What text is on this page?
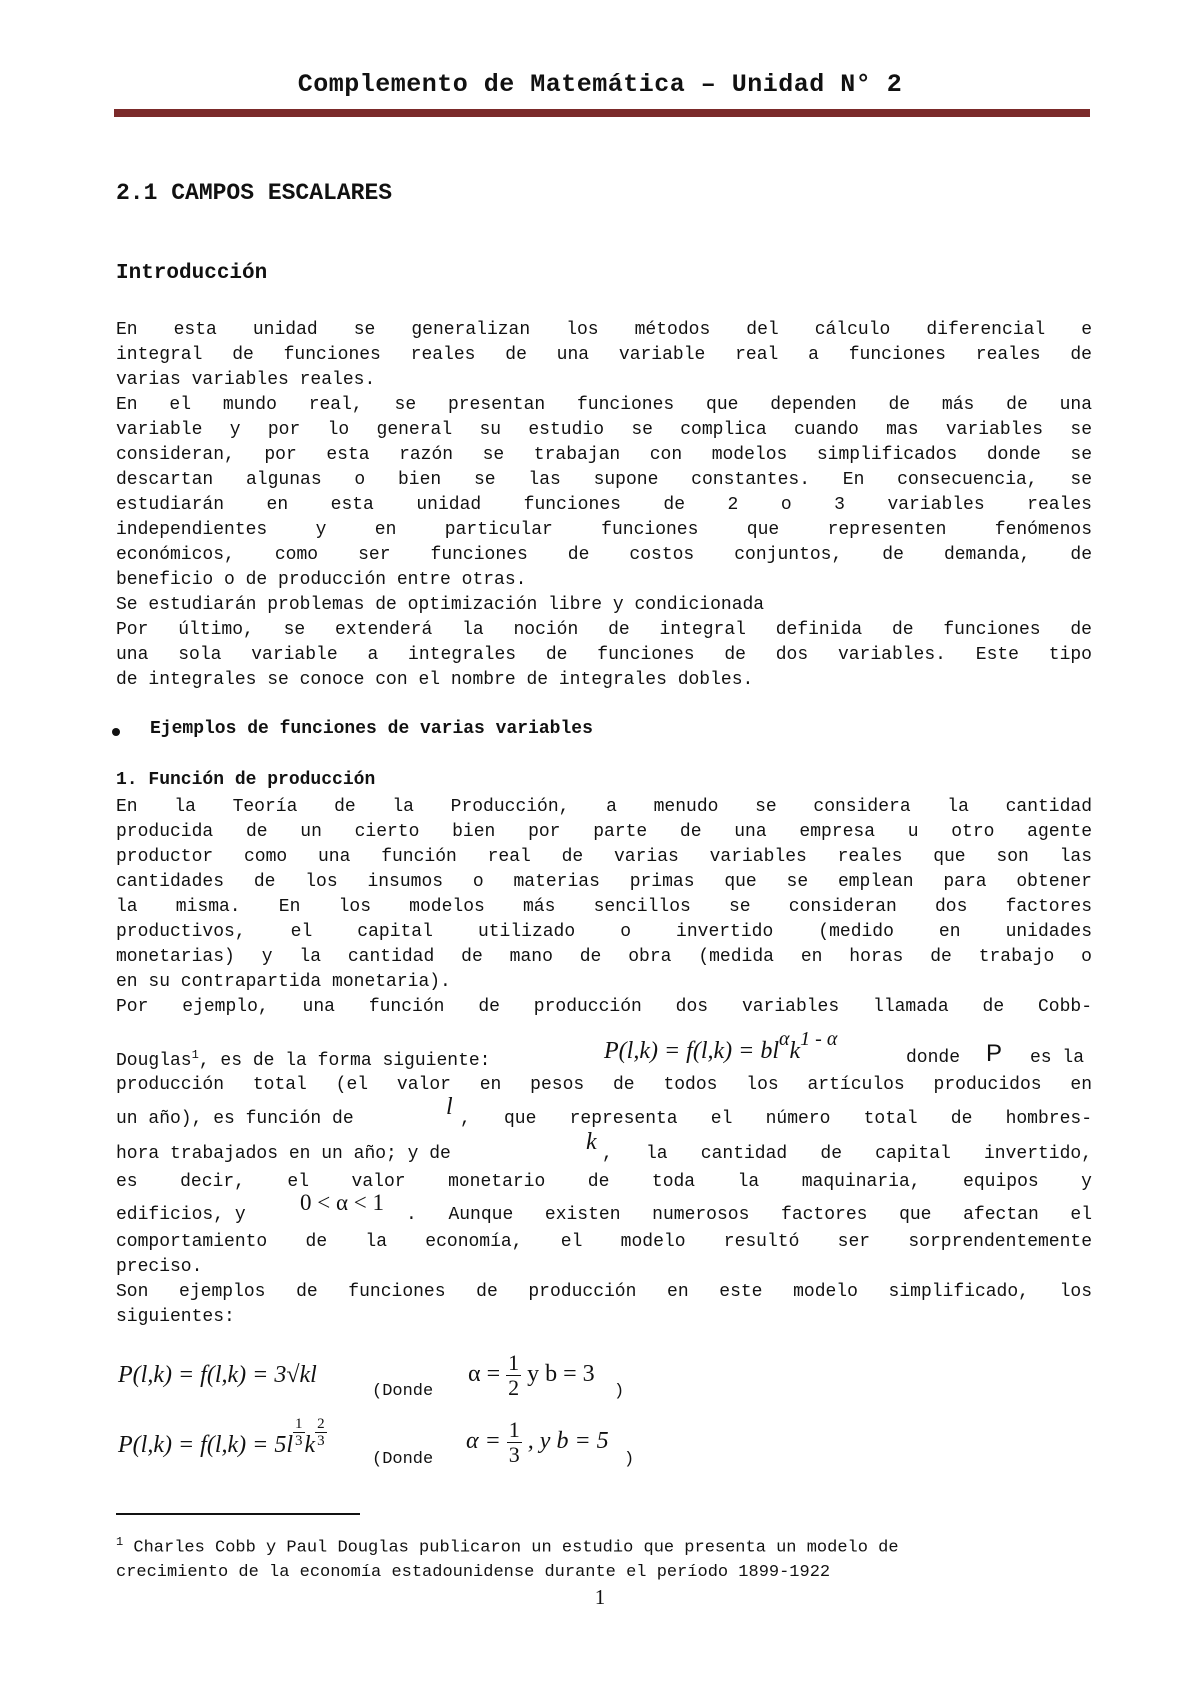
Complemento de Matemática – Unidad N° 2
2.1 CAMPOS ESCALARES
Introducción
En esta unidad se generalizan los métodos del cálculo diferencial e
integral de funciones reales de una variable real a funciones reales de
varias variables reales.
En el mundo real, se presentan funciones que dependen de más de una
variable y por lo general su estudio se complica cuando mas variables se
consideran, por esta razón se trabajan con modelos simplificados donde se
descartan algunas o bien se las supone constantes. En consecuencia, se
estudiarán en esta unidad funciones de 2 o 3 variables reales
independientes y en particular funciones que representen fenómenos
económicos, como ser funciones de costos conjuntos, de demanda, de
beneficio o de producción entre otras.
Se estudiarán problemas de optimización libre y condicionada
Por último, se extenderá la noción de integral definida de funciones de
una sola variable a integrales de funciones de dos variables. Este tipo
de integrales se conoce con el nombre de integrales dobles.
Ejemplos de funciones de varias variables
1. Función de producción
En la Teoría de la Producción, a menudo se considera la cantidad
producida de un cierto bien por parte de una empresa u otro agente
productor como una función real de varias variables reales que son las
cantidades de los insumos o materias primas que se emplean para obtener
la misma. En los modelos más sencillos se consideran dos factores
productivos, el capital utilizado o invertido (medido en unidades
monetarias) y la cantidad de mano de obra (medida en horas de trabajo o
en su contrapartida monetaria).
Por ejemplo, una función de producción dos variables llamada de Cobb-
Douglas$^1$, es de la forma siguiente:	$P(l,k) = f(l,k) = bl^\alpha k^{1 - \alpha}$
donde P es la
producción total (el valor en pesos de todos los artículos producidos en
un año), es función de	l , que representa el número total de hombres-
hora trabajados en un año; y de	k , la cantidad de capital invertido,
es decir, el valor monetario de toda la maquinaria, equipos y
edificios, y 0 < α < 1 . Aunque existen numerosos factores que afectan el
comportamiento de la economía, el modelo resultó ser sorprendentemente
preciso.
Son ejemplos de funciones de producción en este modelo simplificado, los
siguientes:
P(l,k) = f(l,k) = 3√kl
(Donde
$\alpha = \frac{1}{2}$ y b = 3
)
$P(l,k) = f(l,k) = 5l \frac{1}{3}$ k $\frac{2}{3}$
(Donde
$\alpha = \frac{1}{3}$ , y b = 5
)
$^1$ Charles Cobb y Paul Douglas publicaron un estudio que presenta un modelo de
crecimiento de la economía estadounidense durante el período 1899-1922
1
